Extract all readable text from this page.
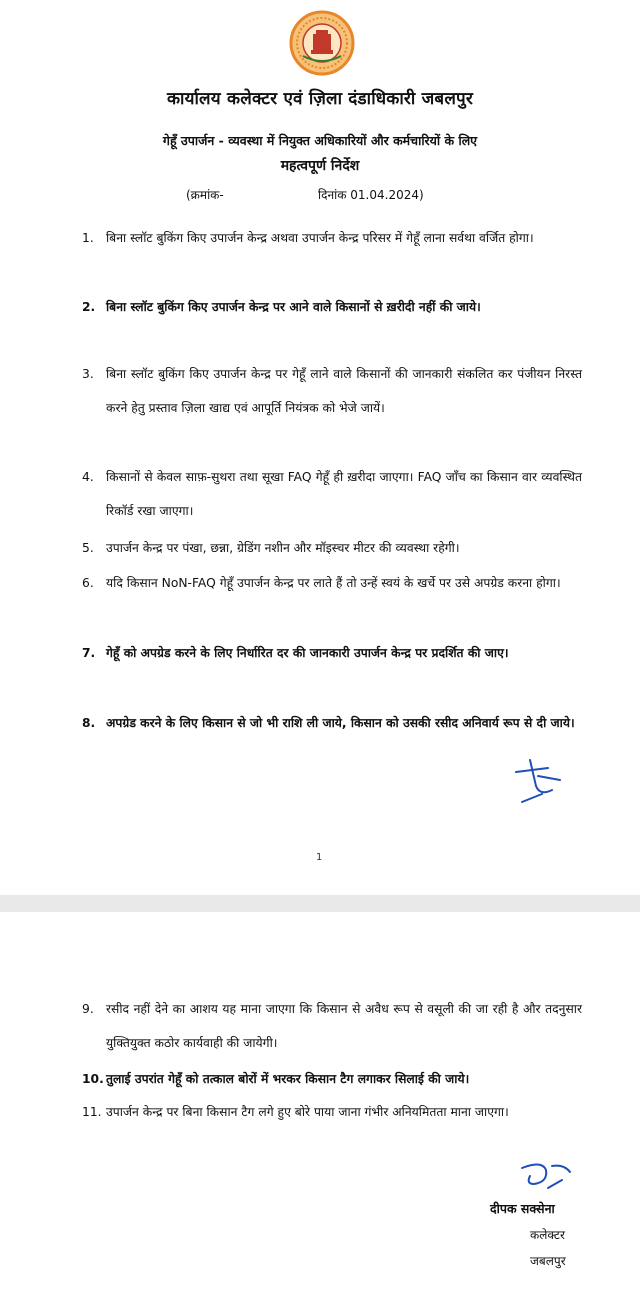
कार्यालय कलेक्टर एवं ज़िला दंडाधिकारी जबलपुर
गेहूँ उपार्जन - व्यवस्था में नियुक्त अधिकारियों और कर्मचारियों के लिए
महत्वपूर्ण निर्देश
(क्रमांक-	दिनांक 01.04.2024)
1. बिना स्लॉट बुकिंग किए उपार्जन केन्द्र अथवा उपार्जन केन्द्र परिसर में गेहूँ लाना सर्वथा वर्जित होगा।
2. बिना स्लॉट बुकिंग किए उपार्जन केन्द्र पर आने वाले किसानों से ख़रीदी नहीं की जाये।
3. बिना स्लॉट बुकिंग किए उपार्जन केन्द्र पर गेहूँ लाने वाले किसानों की जानकारी संकलित कर पंजीयन निरस्त करने हेतु प्रस्ताव ज़िला खाद्य एवं आपूर्ति नियंत्रक को भेजे जायें।
4. किसानों से केवल साफ़-सुथरा तथा सूखा FAQ गेहूँ ही ख़रीदा जाएगा। FAQ जाँच का किसान वार व्यवस्थित रिकॉर्ड रखा जाएगा।
5. उपार्जन केन्द्र पर पंखा, छन्ना, ग्रेडिंग नशीन और मॉइस्चर मीटर की व्यवस्था रहेगी।
6. यदि किसान NoN-FAQ गेहूँ उपार्जन केन्द्र पर लाते हैं तो उन्हें स्वयं के खर्चे पर उसे अपग्रेड करना होगा।
7. गेहूँ को अपग्रेड करने के लिए निर्धारित दर की जानकारी उपार्जन केन्द्र पर प्रदर्शित की जाए।
8. अपग्रेड करने के लिए किसान से जो भी राशि ली जाये, किसान को उसकी रसीद अनिवार्य रूप से दी जाये।
1
9. रसीद नहीं देने का आशय यह माना जाएगा कि किसान से अवैध रूप से वसूली की जा रही है और तदनुसार युक्तियुक्त कठोर कार्यवाही की जायेगी।
10. तुलाई उपरांत गेहूँ को तत्काल बोरों में भरकर किसान टैग लगाकर सिलाई की जाये।
11. उपार्जन केन्द्र पर बिना किसान टैग लगे हुए बोरे पाया जाना गंभीर अनियमितता माना जाएगा।
दीपक सक्सेना
कलेक्टर
जबलपुर
